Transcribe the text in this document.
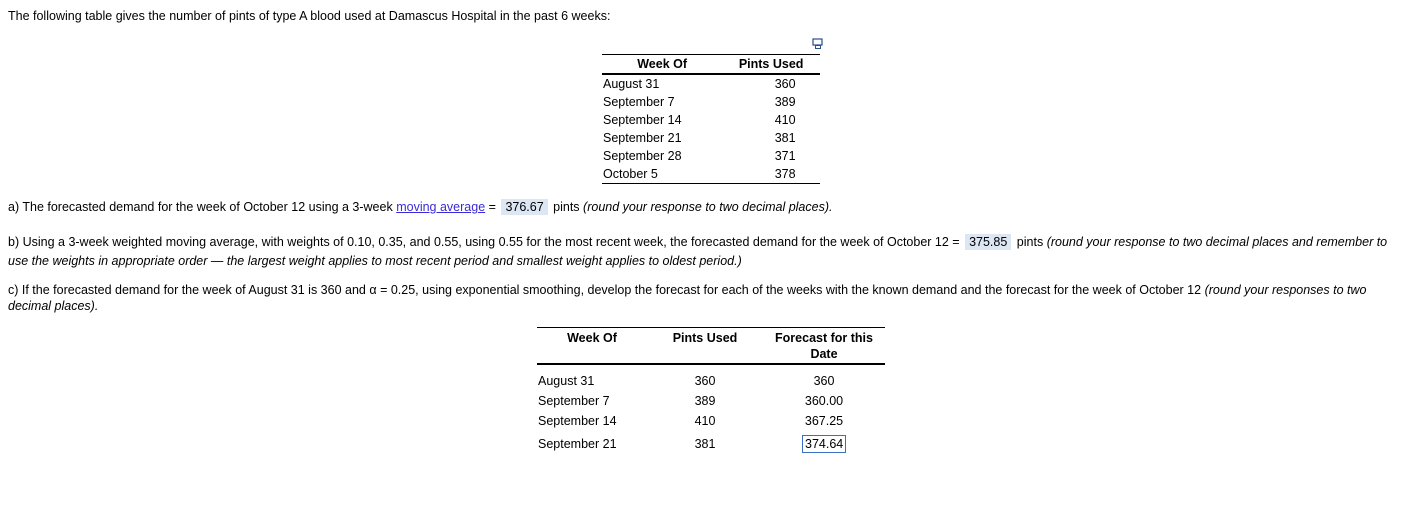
The following table gives the number of pints of type A blood used at Damascus Hospital in the past 6 weeks:
Week Of	Pints Used
August 31	360
September 7	389
September 14	410
September 21	381
September 28	371
October 5	378
a) The forecasted demand for the week of October 12 using a 3-week moving average = 376.67 pints (round your response to two decimal places).
b) Using a 3-week weighted moving average, with weights of 0.10, 0.35, and 0.55, using 0.55 for the most recent week, the forecasted demand for the week of October 12 = 375.85 pints (round your response to two decimal places and remember to use the weights in appropriate order — the largest weight applies to most recent period and smallest weight applies to oldest period.)
c) If the forecasted demand for the week of August 31 is 360 and α = 0.25, using exponential smoothing, develop the forecast for each of the weeks with the known demand and the forecast for the week of October 12 (round your responses to two decimal places).
Week Of	Pints Used	Forecast for this Date
August 31	360	360
September 7	389	360.00
September 14	410	367.25
September 21	381	374.64
